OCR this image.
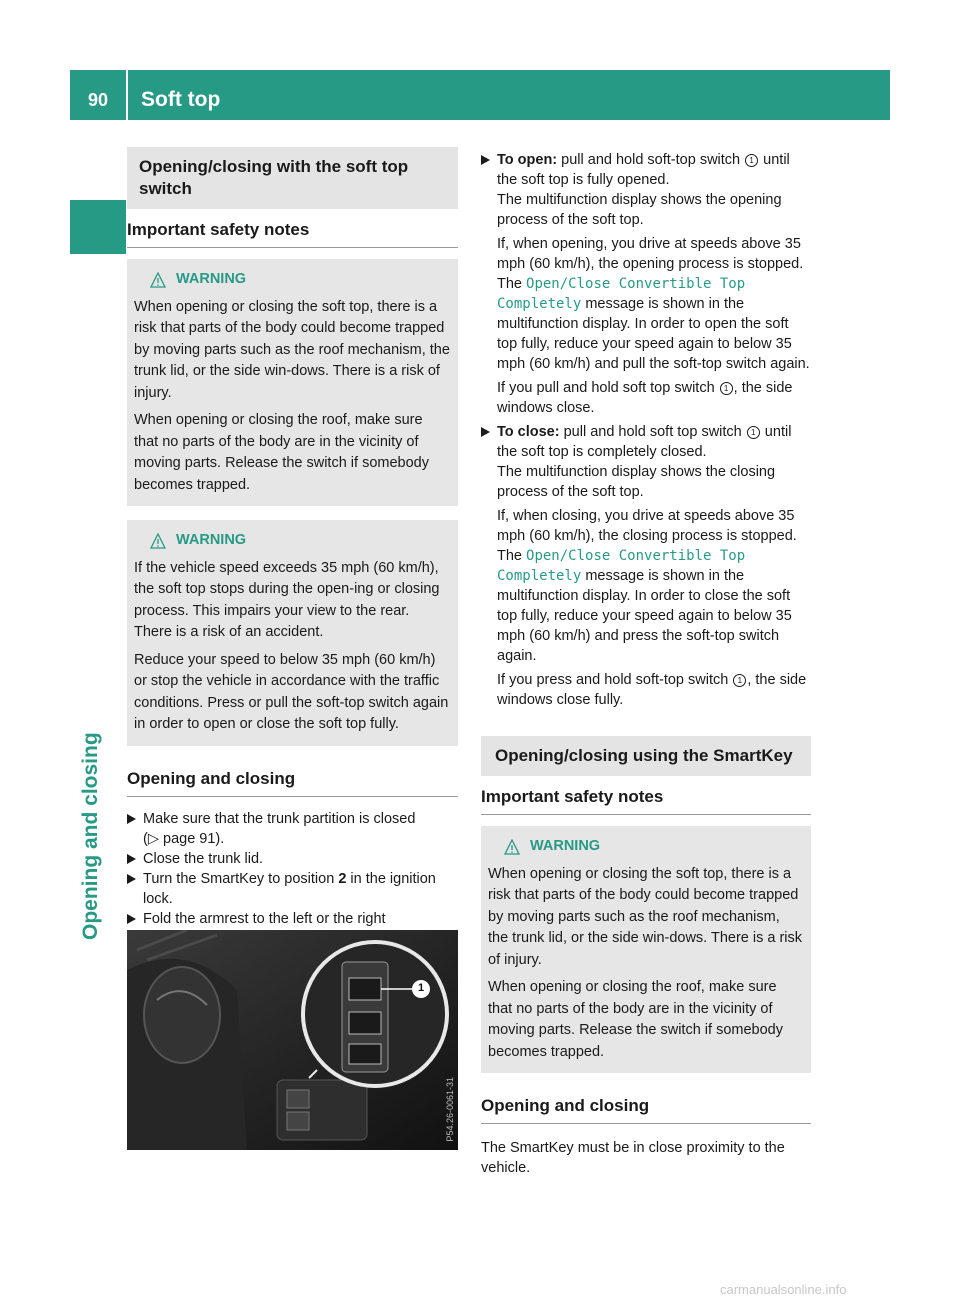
90	Soft top
Opening and closing
Opening/closing with the soft top switch
Important safety notes
WARNING

When opening or closing the soft top, there is a risk that parts of the body could become trapped by moving parts such as the roof mechanism, the trunk lid, or the side win-dows. There is a risk of injury.

When opening or closing the roof, make sure that no parts of the body are in the vicinity of moving parts. Release the switch if somebody becomes trapped.

WARNING

If the vehicle speed exceeds 35 mph (60 km/h), the soft top stops during the open-ing or closing process. This impairs your view to the rear. There is a risk of an accident.

Reduce your speed to below 35 mph (60 km/h) or stop the vehicle in accordance with the traffic conditions. Press or pull the soft-top switch again in order to open or close the soft top fully.

Opening and closing

Make sure that the trunk partition is closed
(▷ page 91).

Close the trunk lid.

Turn the SmartKey to position 2 in the ignition lock.

Fold the armrest to the left or the right

1
P54.26-0061-31

To open: pull and hold soft-top switch 1 until the soft top is fully opened.

The multifunction display shows the opening process of the soft top.

If, when opening, you drive at speeds above 35 mph (60 km/h), the opening process is stopped. The Open/Close Convertible Top Completely message is shown in the multifunction display. In order to open the soft top fully, reduce your speed again to below 35 mph (60 km/h) and pull the soft-top switch again.

If you pull and hold soft top switch 1 , the side windows close.

To close: pull and hold soft top switch 1 until the soft top is completely closed.

The multifunction display shows the closing process of the soft top.

If, when closing, you drive at speeds above 35 mph (60 km/h), the closing process is stopped. The Open/Close Convertible Top Completely message is shown in the multifunction display. In order to close the soft top fully, reduce your speed again to below 35 mph (60 km/h) and press the soft-top switch again.

If you press and hold soft-top switch 1 , the side windows close fully.

Opening/closing using the SmartKey
Important safety notes
WARNING

When opening or closing the soft top, there is a risk that parts of the body could become trapped by moving parts such as the roof mechanism, the trunk lid, or the side win-dows. There is a risk of injury.

When opening or closing the roof, make sure that no parts of the body are in the vicinity of moving parts. Release the switch if somebody becomes trapped.

Opening and closing

The SmartKey must be in close proximity to the vehicle.

carmanualsonline.info
